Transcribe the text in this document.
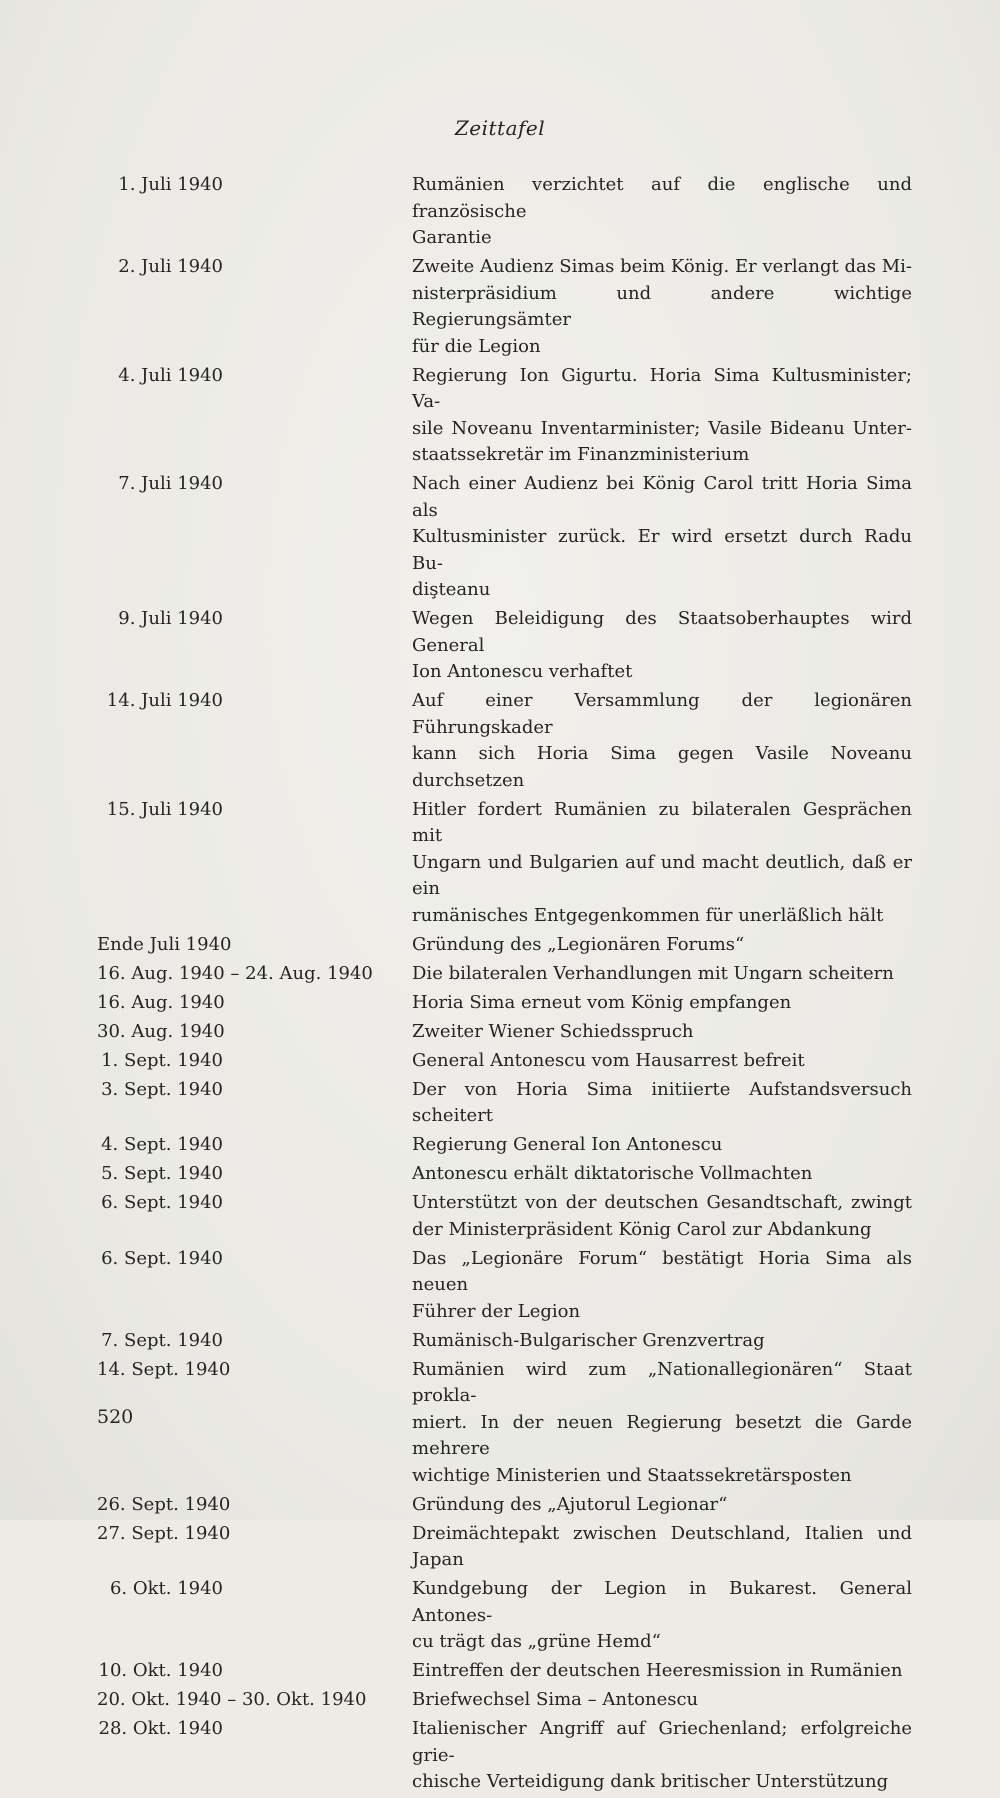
Zeittafel
1. Juli 1940	Rumänien verzichtet auf die englische und französische
Garantie
2. Juli 1940	Zweite Audienz Simas beim König. Er verlangt das Mi-
nisterpräsidium und andere wichtige Regierungsämter
für die Legion
4. Juli 1940	Regierung Ion Gigurtu. Horia Sima Kultusminister; Va-
sile Noveanu Inventarminister; Vasile Bideanu Unter-
staatssekretär im Finanzministerium
7. Juli 1940	Nach einer Audienz bei König Carol tritt Horia Sima als
Kultusminister zurück. Er wird ersetzt durch Radu Bu-
dişteanu
9. Juli 1940	Wegen Beleidigung des Staatsoberhauptes wird General
Ion Antonescu verhaftet
14. Juli 1940	Auf einer Versammlung der legionären Führungskader
kann sich Horia Sima gegen Vasile Noveanu durchsetzen
15. Juli 1940	Hitler fordert Rumänien zu bilateralen Gesprächen mit
Ungarn und Bulgarien auf und macht deutlich, daß er ein
rumänisches Entgegenkommen für unerläßlich hält
Ende Juli 1940	Gründung des „Legionären Forums“
16. Aug. 1940 – 24. Aug. 1940 Die bilateralen Verhandlungen mit Ungarn scheitern
16. Aug. 1940	Horia Sima erneut vom König empfangen
30. Aug. 1940	Zweiter Wiener Schiedsspruch
1. Sept. 1940	General Antonescu vom Hausarrest befreit
3. Sept. 1940	Der von Horia Sima initiierte Aufstandsversuch scheitert
4. Sept. 1940	Regierung General Ion Antonescu
5. Sept. 1940	Antonescu erhält diktatorische Vollmachten
6. Sept. 1940	Unterstützt von der deutschen Gesandtschaft, zwingt
der Ministerpräsident König Carol zur Abdankung
6. Sept. 1940	Das „Legionäre Forum“ bestätigt Horia Sima als neuen
Führer der Legion
7. Sept. 1940	Rumänisch-Bulgarischer Grenzvertrag
14. Sept. 1940	Rumänien wird zum „Nationallegionären“ Staat prokla-
miert. In der neuen Regierung besetzt die Garde mehrere
wichtige Ministerien und Staatssekretärsposten
26. Sept. 1940	Gründung des „Ajutorul Legionar“
27. Sept. 1940	Dreimächtepakt zwischen Deutschland, Italien und
Japan
6. Okt. 1940	Kundgebung der Legion in Bukarest. General Antones-
cu trägt das „grüne Hemd“
10. Okt. 1940	Eintreffen der deutschen Heeresmission in Rumänien
20. Okt. 1940 – 30. Okt. 1940	Briefwechsel Sima – Antonescu
28. Okt. 1940	Italienischer Angriff auf Griechenland; erfolgreiche grie-
chische Verteidigung dank britischer Unterstützung
520
